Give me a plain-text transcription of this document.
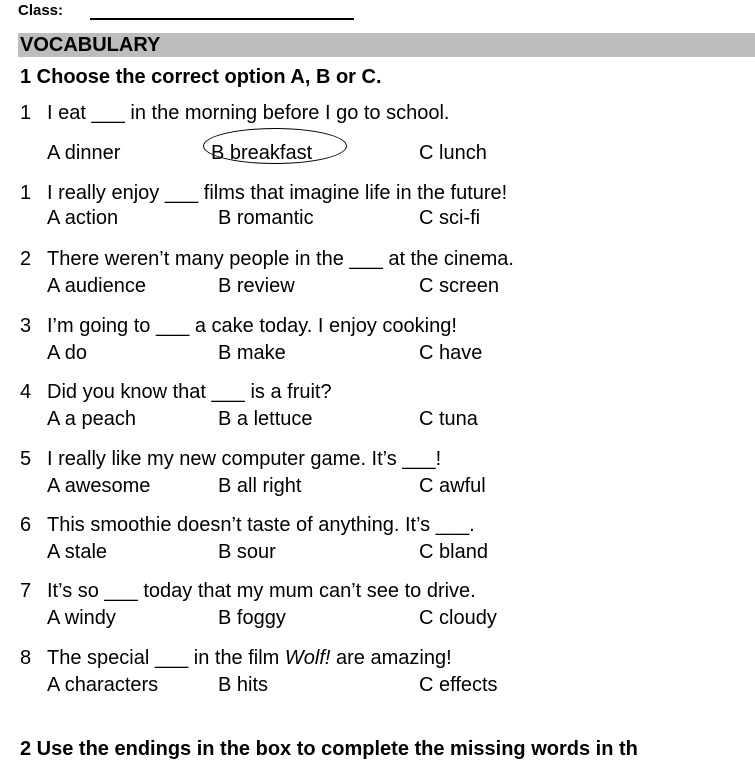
Class:
VOCABULARY
1 Choose the correct option A, B or C.
1 I eat ___ in the morning before I go to school.
A dinner	B breakfast	C lunch
1 I really enjoy ___ films that imagine life in the future!
A action	B romantic	C sci-fi
2 There weren’t many people in the ___ at the cinema.
A audience	B review	C screen
3 I’m going to ___ a cake today. I enjoy cooking!
A do	B make	C have
4 Did you know that ___ is a fruit?
A a peach	B a lettuce	C tuna
5 I really like my new computer game. It’s ___!
A awesome	B all right	C awful
6 This smoothie doesn’t taste of anything. It’s ___.
A stale	B sour	C bland
7 It’s so ___ today that my mum can’t see to drive.
A windy	B foggy	C cloudy
8 The special ___ in the film Wolf! are amazing!
A characters	B hits	C effects
2 Use the endings in the box to complete the missing words in th
